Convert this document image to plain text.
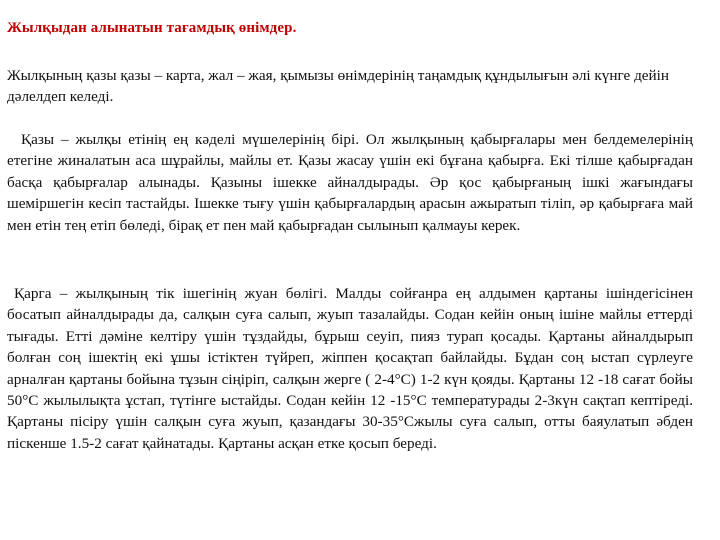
Жылқыдан алынатын тағамдық өнімдер.

Жылқының қазы қазы – карта, жал – жая, қымызы өнімдерінің таңамдық құндылығын әлі күнге дейін дәлелдеп келеді.

Қазы – жылқы етінің ең кәделі мүшелерінің бірі. Ол жылқының қабырғалары мен белдемелерінің етегіне жиналатын аса шұрайлы, майлы ет. Қазы жасау үшін екі бұғана қабырға. Екі тілше қабырғадан басқа қабырғалар алынады. Қазыны ішекке айналдырады. Әр қос қабырғаның ішкі жағындағы шеміршегін кесіп тастайды. Ішекке тығу үшін қабырғалардың арасын ажыратып тіліп, әр қабырғаға май мен етін тең етіп бөледі, бірақ ет пен май қабырғадан сылынып қалмауы керек.

Қарга – жылқының тік ішегінің жуан бөлігі. Малды сойғанра ең алдымен қартаны ішіндегісінен босатып айналдырады да, салқын суға салып, жуып тазалайды. Содан кейін оның ішіне майлы еттерді тығады. Етті дәміне келтіру үшін тұздайды, бұрыш сеуіп, пияз турап қосады. Қартаны айналдырып болған соң ішектің екі ұшы істіктен түйреп, жіппен қосақтап байлайды. Бұдан соң ыстап сүрлеуге арналған қартаны бойына тұзын сіңіріп, салқын жерге ( 2-4°С) 1-2 күн қояды. Қартаны 12 -18 сағат бойы 50°С жылылықта ұстап, түтінге ыстайды. Содан кейін 12 -15°С температурады 2-3күн сақтап кептіреді. Қартаны пісіру үшін салқын суға жуып, қазандағы 30-35°Сжылы суға салып, отты баяулатып әбден піскенше 1.5-2 сағат қайнатады. Қартаны асқан етке қосып береді.
